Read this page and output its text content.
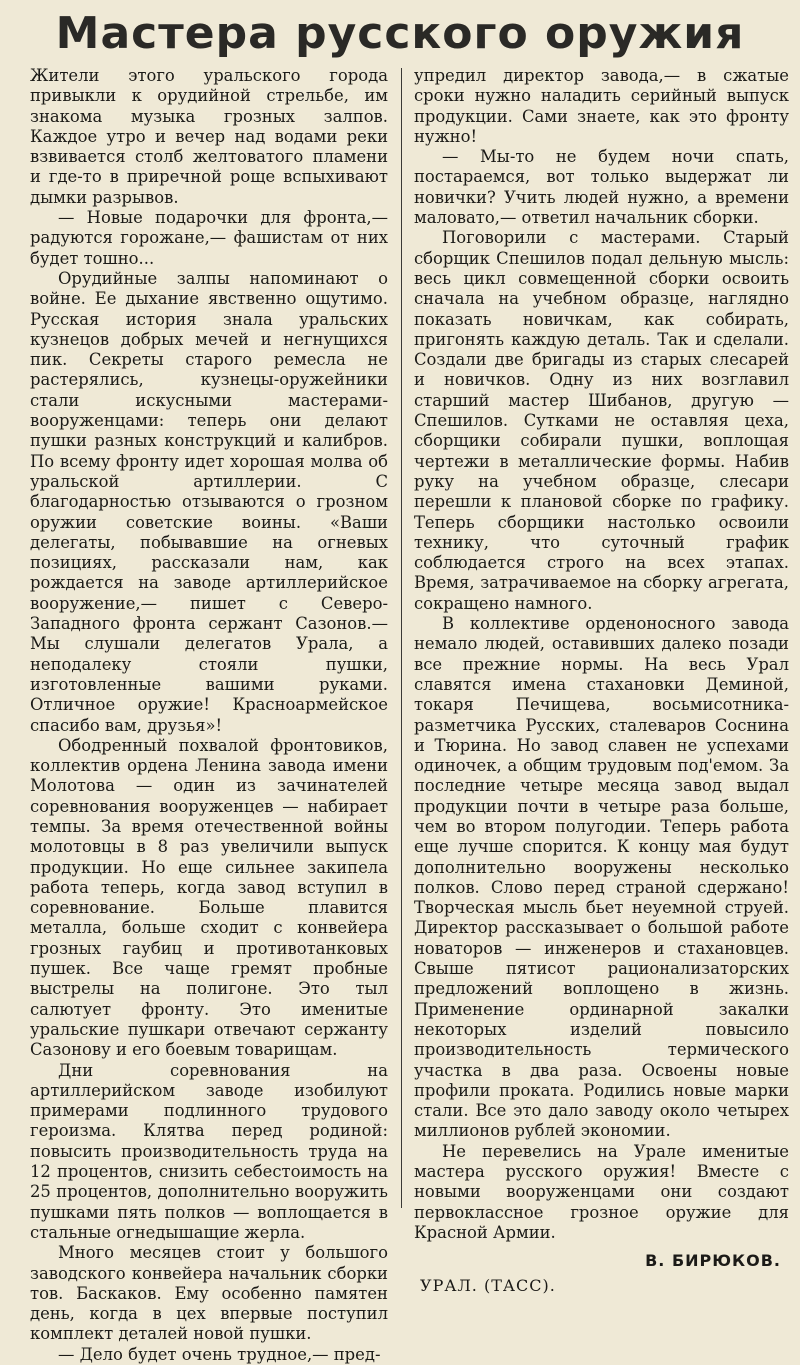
Мастера русского оружия

Жители этого уральского города привыкли к орудийной стрельбе, им знакома музыка грозных залпов. Каждое утро и вечер над водами реки взвивается столб желтоватого пламени и где-то в приречной роще вспыхивают дымки разрывов.

— Новые подарочки для фронта,— радуются горожане,— фашистам от них будет тошно...

Орудийные залпы напоминают о войне. Ее дыхание явственно ощутимо. Русская история знала уральских кузнецов добрых мечей и негнущихся пик. Секреты старого ремесла не растерялись, кузнецы-оружейники стали искусными мастерами-вооруженцами: теперь они делают пушки разных конструкций и калибров. По всему фронту идет хорошая молва об уральской артиллерии. С благодарностью отзываются о грозном оружии советские воины. «Ваши делегаты, побывавшие на огневых позициях, рассказали нам, как рождается на заводе артиллерийское вооружение,— пишет с Северо-Западного фронта сержант Сазонов.— Мы слушали делегатов Урала, а неподалеку стояли пушки, изготовленные вашими руками. Отличное оружие! Красноармейское спасибо вам, друзья»!

Ободренный похвалой фронтовиков, коллектив ордена Ленина завода имени Молотова — один из зачинателей соревнования вооруженцев — набирает темпы. За время отечественной войны молотовцы в 8 раз увеличили выпуск продукции. Но еще сильнее закипела работа теперь, когда завод вступил в соревнование. Больше плавится металла, больше сходит с конвейера грозных гаубиц и противотанковых пушек. Все чаще гремят пробные выстрелы на полигоне. Это тыл салютует фронту. Это именитые уральские пушкари отвечают сержанту Сазонову и его боевым товарищам.

Дни соревнования на артиллерийском заводе изобилуют примерами подлинного трудового героизма. Клятва перед родиной: повысить производительность труда на 12 процентов, снизить себестоимость на 25 процентов, дополнительно вооружить пушками пять полков — воплощается в стальные огнедышащие жерла.

Много месяцев стоит у большого заводского конвейера начальник сборки тов. Баскаков. Ему особенно памятен день, когда в цех впервые поступил комплект деталей новой пушки.

— Дело будет очень трудное,— пред-

упредил директор завода,— в сжатые сроки нужно наладить серийный выпуск продукции. Сами знаете, как это фронту нужно!

— Мы-то не будем ночи спать, постараемся, вот только выдержат ли новички? Учить людей нужно, а времени маловато,— ответил начальник сборки.

Поговорили с мастерами. Старый сборщик Спешилов подал дельную мысль: весь цикл совмещенной сборки освоить сначала на учебном образце, наглядно показать новичкам, как собирать, пригонять каждую деталь. Так и сделали. Создали две бригады из старых слесарей и новичков. Одну из них возглавил старший мастер Шибанов, другую — Спешилов. Сутками не оставляя цеха, сборщики собирали пушки, воплощая чертежи в металлические формы. Набив руку на учебном образце, слесари перешли к плановой сборке по графику. Теперь сборщики настолько освоили технику, что суточный график соблюдается строго на всех этапах. Время, затрачиваемое на сборку агрегата, сокращено намного.

В коллективе орденоносного завода немало людей, оставивших далеко позади все прежние нормы. На весь Урал славятся имена стахановки Деминой, токаря Печищева, восьмисотника-разметчика Русских, сталеваров Соснина и Тюрина. Но завод славен не успехами одиночек, а общим трудовым под'емом. За последние четыре месяца завод выдал продукции почти в четыре раза больше, чем во втором полугодии. Теперь работа еще лучше спорится. К концу мая будут дополнительно вооружены несколько полков. Слово перед страной сдержано! Творческая мысль бьет неуемной струей. Директор рассказывает о большой работе новаторов — инженеров и стахановцев. Свыше пятисот рационализаторских предложений воплощено в жизнь. Применение ординарной закалки некоторых изделий повысило производительность термического участка в два раза. Освоены новые профили проката. Родились новые марки стали. Все это дало заводу около четырех миллионов рублей экономии.

Не перевелись на Урале именитые мастера русского оружия! Вместе с новыми вооруженцами они создают первоклассное грозное оружие для Красной Армии.

В. БИРЮКОВ.
УРАЛ. (ТАСС).
